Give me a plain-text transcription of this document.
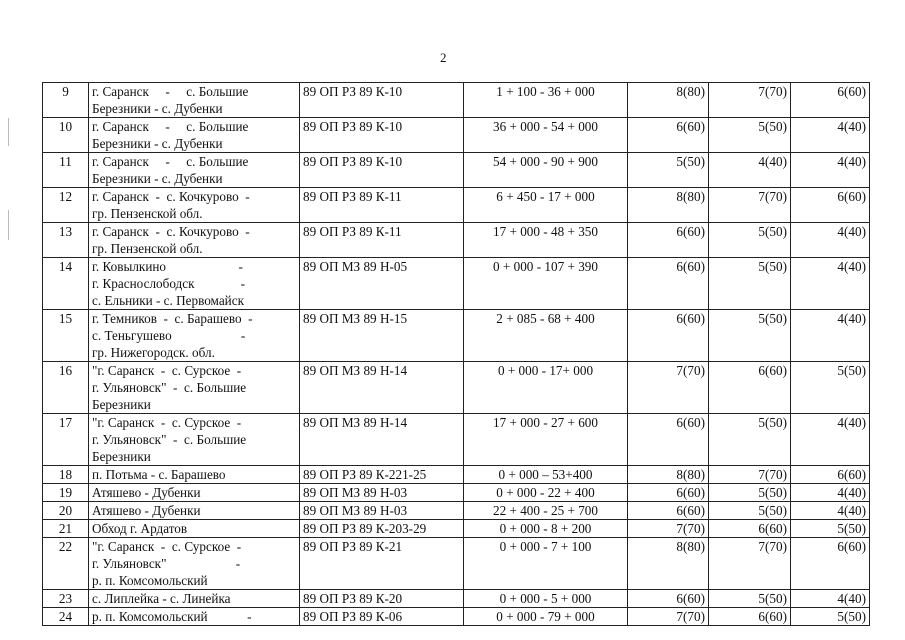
2
9	г. Саранск     -     с. Большие
Березники - с. Дубенки	89 ОП РЗ 89 К-10	1 + 100 - 36 + 000	8(80)	7(70)	6(60)
10	г. Саранск     -     с. Большие
Березники - с. Дубенки	89 ОП РЗ 89 К-10	36 + 000 - 54 + 000	6(60)	5(50)	4(40)
11	г. Саранск     -     с. Большие
Березники - с. Дубенки	89 ОП РЗ 89 К-10	54 + 000 - 90 + 900	5(50)	4(40)	4(40)
12	г. Саранск  -  с. Кочкурово  -
гр. Пензенской обл.	89 ОП РЗ 89 К-11	6 + 450 - 17 + 000	8(80)	7(70)	6(60)
13	г. Саранск  -  с. Кочкурово  -
гр. Пензенской обл.	89 ОП РЗ 89 К-11	17 + 000 - 48 + 350	6(60)	5(50)	4(40)
14	г. Ковылкино                      -
г. Краснослободск              -
с. Ельники - с. Первомайск	89 ОП МЗ 89 Н-05	0 + 000 - 107 + 390	6(60)	5(50)	4(40)
15	г. Темников  -  с. Барашево  -
с. Теньгушево                     -
гр. Нижегородск. обл.	89 ОП МЗ 89 Н-15	2 + 085 - 68 + 400	6(60)	5(50)	4(40)
16	"г. Саранск  -  с. Сурское  -
г. Ульяновск"  -  с. Большие
Березники	89 ОП МЗ 89 Н-14	0 + 000 - 17+ 000	7(70)	6(60)	5(50)
17	"г. Саранск  -  с. Сурское  -
г. Ульяновск"  -  с. Большие
Березники	89 ОП МЗ 89 Н-14	17 + 000 - 27 + 600	6(60)	5(50)	4(40)
18	п. Потьма - с. Барашево	89 ОП РЗ 89 К-221-25	0 + 000 – 53+400	8(80)	7(70)	6(60)
19	Атяшево - Дубенки	89 ОП МЗ 89 Н-03	0 + 000 - 22 + 400	6(60)	5(50)	4(40)
20	Атяшево - Дубенки	89 ОП МЗ 89 Н-03	22 + 400 - 25 + 700	6(60)	5(50)	4(40)
21	Обход г. Ардатов	89 ОП РЗ 89 К-203-29	0 + 000 - 8 + 200	7(70)	6(60)	5(50)
22	"г. Саранск  -  с. Сурское  -
г. Ульяновск"                     -
р. п. Комсомольский	89 ОП РЗ 89 К-21	0 + 000 - 7 + 100	8(80)	7(70)	6(60)
23	с. Липлейка - с. Линейка	89 ОП РЗ 89 К-20	0 + 000 - 5 + 000	6(60)	5(50)	4(40)
24	р. п. Комсомольский            -	89 ОП РЗ 89 К-06	0 + 000 - 79 + 000	7(70)	6(60)	5(50)
